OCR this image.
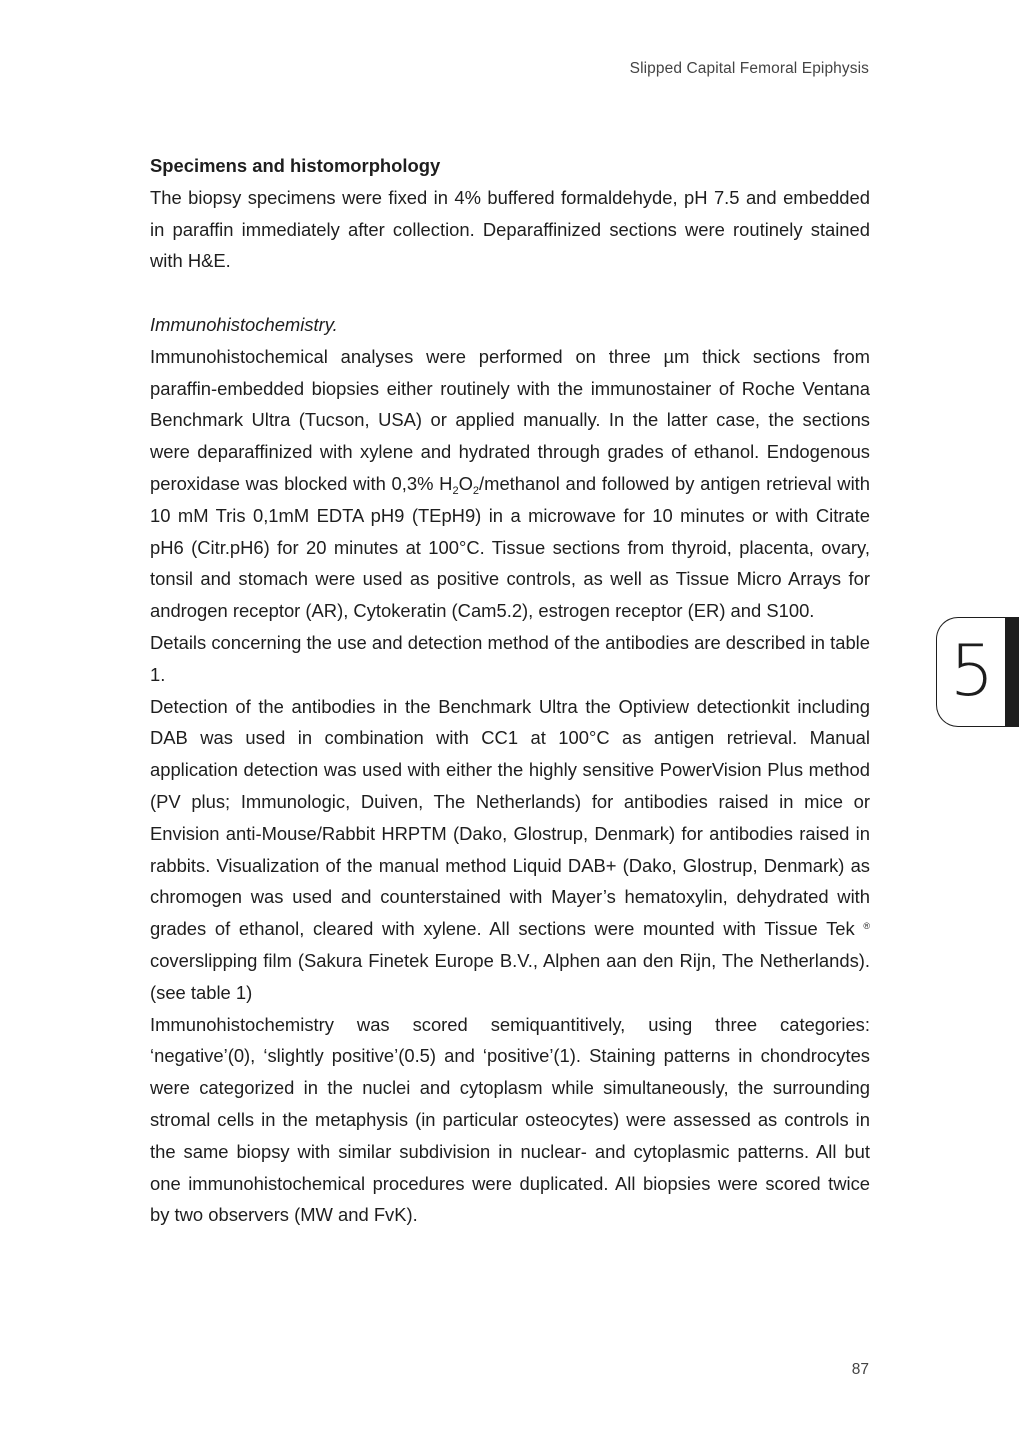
Slipped Capital Femoral Epiphysis
Specimens and histomorphology

The biopsy specimens were fixed in 4% buffered formaldehyde, pH 7.5 and embedded in paraffin immediately after collection. Deparaffinized sections were routinely stained with H&E.

Immunohistochemistry.

Immunohistochemical analyses were performed on three µm thick sections from paraffin-embedded biopsies either routinely with the immunostainer of Roche Ventana Benchmark Ultra (Tucson, USA) or applied manually. In the latter case, the sections were deparaffinized with xylene and hydrated through grades of ethanol. Endogenous peroxidase was blocked with 0,3% $H_2O_2$/methanol and followed by antigen retrieval with 10 mM Tris 0,1mM EDTA pH9 (TEpH9) in a microwave for 10 minutes or with Citrate pH6 (Citr.pH6) for 20 minutes at 100°C. Tissue sections from thyroid, placenta, ovary, tonsil and stomach were used as positive controls, as well as Tissue Micro Arrays for androgen receptor (AR), Cytokeratin (Cam5.2), estrogen receptor (ER) and S100.

Details concerning the use and detection method of the antibodies are described in table 1.

Detection of the antibodies in the Benchmark Ultra the Optiview detectionkit including DAB was used in combination with CC1 at 100°C as antigen retrieval. Manual application detection was used with either the highly sensitive PowerVision Plus method (PV plus; Immunologic, Duiven, The Netherlands) for antibodies raised in mice or Envision anti-Mouse/Rabbit HRPTM (Dako, Glostrup, Denmark) for antibodies raised in rabbits. Visualization of the manual method Liquid DAB+ (Dako, Glostrup, Denmark) as chromogen was used and counterstained with Mayer’s hematoxylin, dehydrated with grades of ethanol, cleared with xylene. All sections were mounted with Tissue Tek ® coverslipping film (Sakura Finetek Europe B.V., Alphen aan den Rijn, The Netherlands). (see table 1)

Immunohistochemistry was scored semiquantitively, using three categories: ‘negative’(0), ‘slightly positive’(0.5) and ‘positive’(1). Staining patterns in chondrocytes were categorized in the nuclei and cytoplasm while simultaneously, the surrounding stromal cells in the metaphysis (in particular osteocytes) were assessed as controls in the same biopsy with similar subdivision in nuclear- and cytoplasmic patterns. All but one immunohistochemical procedures were duplicated. All biopsies were scored twice by two observers (MW and FvK).

5
87
